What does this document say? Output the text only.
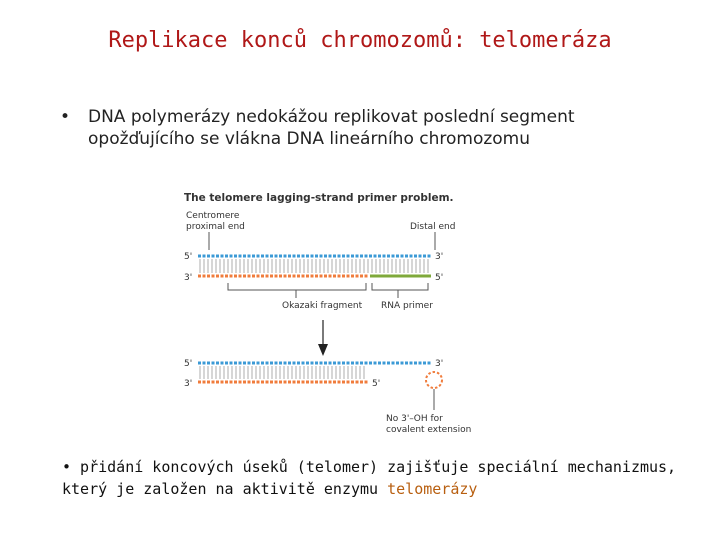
Replikace konců chromozomů: telomeráza
• DNA polymerázy nedokážou replikovat poslední segment opožďujícího se vlákna DNA lineárního chromozomu
The telomere lagging-strand primer problem.
Centromere
proximal end	Distal end
5'	3'
3'	5'
Okazaki fragment RNA primer
5'	3'
3'	5'
No 3'–OH for
covalent extension
• přidání koncových úseků (telomer) zajišťuje speciální mechanizmus, který je založen na aktivitě enzymu telomerázy
